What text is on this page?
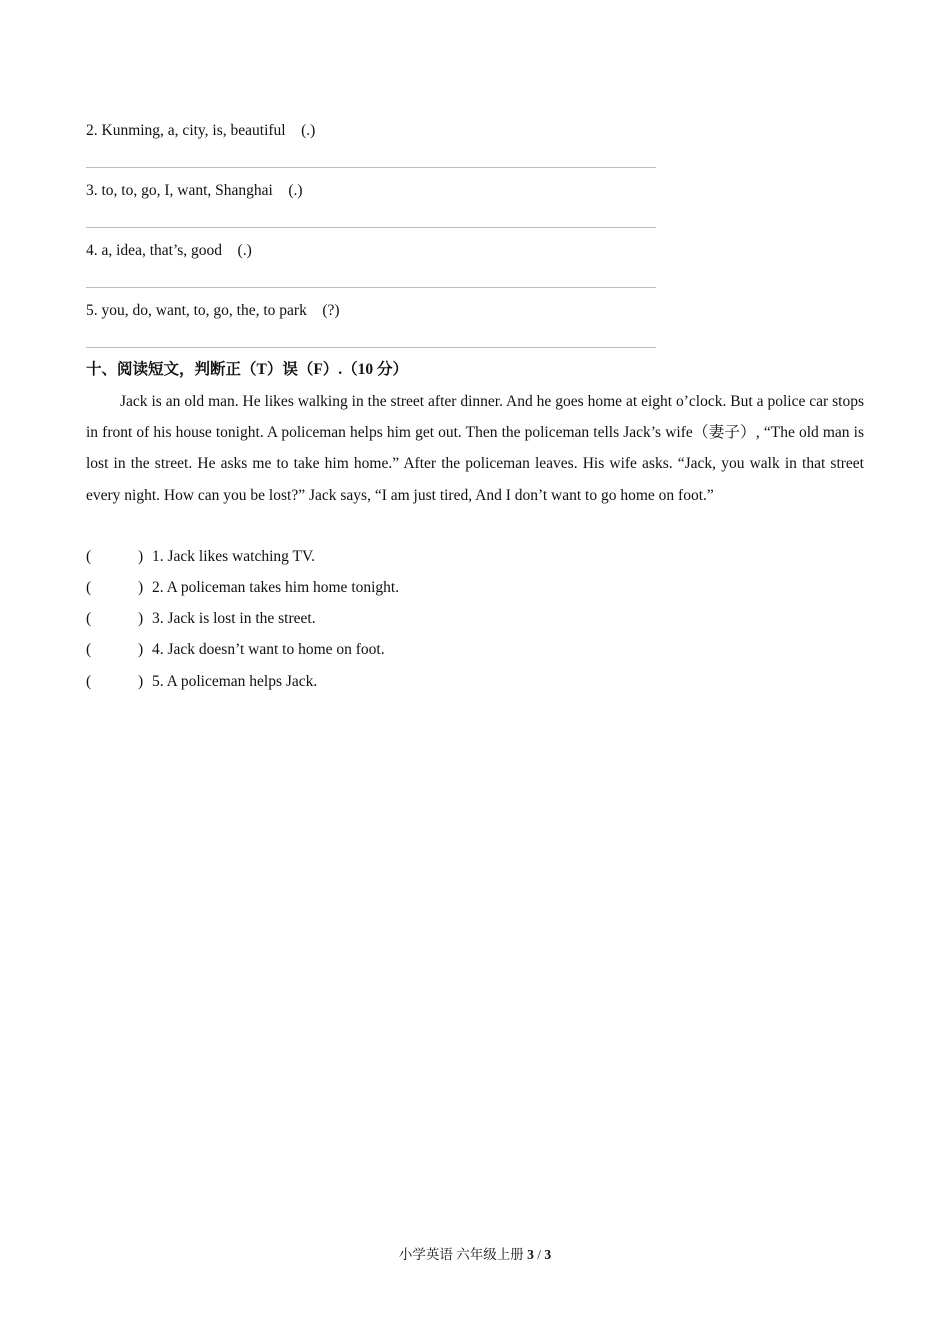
2. Kunming, a, city, is, beautiful　(.)
3. to, to, go, I, want, Shanghai　(.)
4. a, idea, that’s, good　(.)
5. you, do, want, to, go, the, to park　(?)
十、阅读短文，判断正（T）误（F）.（10 分）

Jack is an old man. He likes walking in the street after dinner. And he goes home at eight o’clock. But a police car stops in front of his house tonight. A policeman helps him get out. Then the policeman tells Jack’s wife（妻子）, “The old man is lost in the street. He asks me to take him home.” After the policeman leaves. His wife asks. “Jack, you walk in that street every night. How can you be lost?” Jack says, “I am just tired, And I don’t want to go home on foot.”

(	) 1. Jack likes watching TV.
(	) 2. A policeman takes him home tonight.
(	) 3. Jack is lost in the street.
(	) 4. Jack doesn’t want to home on foot.
(	) 5. A policeman helps Jack.
小学英语 六年级上册 3 / 3
